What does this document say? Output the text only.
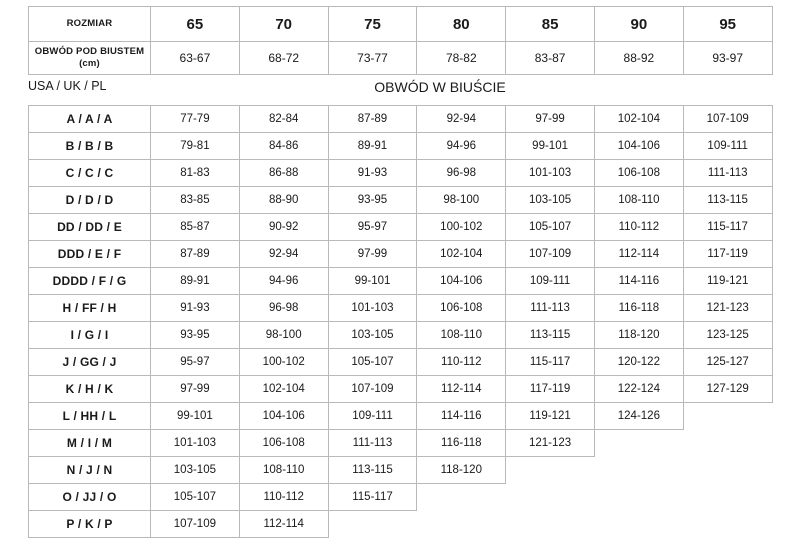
ROZMIAR	65	70	75	80	85	90	95
OBWÓD POD BIUSTEM (cm)	63-67	68-72	73-77	78-82	83-87	88-92	93-97
USA / UK / PL	OBWÓD W BIUŚCIE
A / A / A	77-79	82-84	87-89	92-94	97-99	102-104	107-109
B / B / B	79-81	84-86	89-91	94-96	99-101	104-106	109-111
C / C / C	81-83	86-88	91-93	96-98	101-103	106-108	111-113
D / D / D	83-85	88-90	93-95	98-100	103-105	108-110	113-115
DD / DD / E	85-87	90-92	95-97	100-102	105-107	110-112	115-117
DDD / E / F	87-89	92-94	97-99	102-104	107-109	112-114	117-119
DDDD / F / G	89-91	94-96	99-101	104-106	109-111	114-116	119-121
H / FF / H	91-93	96-98	101-103	106-108	111-113	116-118	121-123
I / G / I	93-95	98-100	103-105	108-110	113-115	118-120	123-125
J / GG / J	95-97	100-102	105-107	110-112	115-117	120-122	125-127
K / H / K	97-99	102-104	107-109	112-114	117-119	122-124	127-129
L / HH / L	99-101	104-106	109-111	114-116	119-121	124-126	
M / I / M	101-103	106-108	111-113	116-118	121-123		
N / J / N	103-105	108-110	113-115	118-120			
O / JJ / O	105-107	110-112	115-117				
P / K / P	107-109	112-114					
